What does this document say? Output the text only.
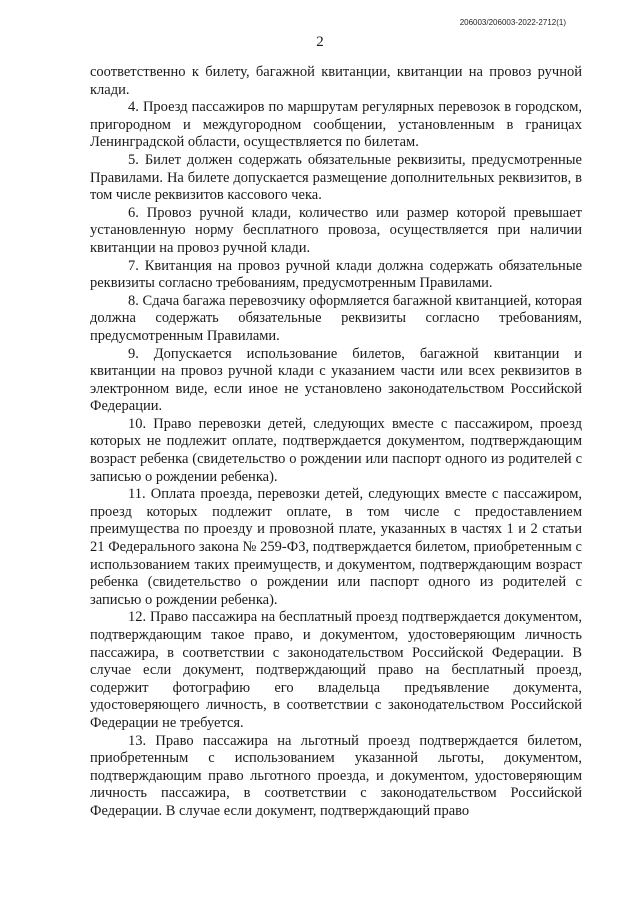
206003/206003-2022-2712(1)
2

соответственно к билету, багажной квитанции, квитанции на провоз ручной клади.

4. Проезд пассажиров по маршрутам регулярных перевозок в городском, пригородном и междугородном сообщении, установленным в границах Ленинградской области, осуществляется по билетам.

5. Билет должен содержать обязательные реквизиты, предусмотренные Правилами. На билете допускается размещение дополнительных реквизитов, в том числе реквизитов кассового чека.

6. Провоз ручной клади, количество или размер которой превышает установленную норму бесплатного провоза, осуществляется при наличии квитанции на провоз ручной клади.

7. Квитанция на провоз ручной клади должна содержать обязательные реквизиты согласно требованиям, предусмотренным Правилами.

8. Сдача багажа перевозчику оформляется багажной квитанцией, которая должна содержать обязательные реквизиты согласно требованиям, предусмотренным Правилами.

9. Допускается использование билетов, багажной квитанции и квитанции на провоз ручной клади с указанием части или всех реквизитов в электронном виде, если иное не установлено законодательством Российской Федерации.

10. Право перевозки детей, следующих вместе с пассажиром, проезд которых не подлежит оплате, подтверждается документом, подтверждающим возраст ребенка (свидетельство о рождении или паспорт одного из родителей с записью о рождении ребенка).

11. Оплата проезда, перевозки детей, следующих вместе с пассажиром, проезд которых подлежит оплате, в том числе с предоставлением преимущества по проезду и провозной плате, указанных в частях 1 и 2 статьи 21 Федерального закона № 259-ФЗ, подтверждается билетом, приобретенным с использованием таких преимуществ, и документом, подтверждающим возраст ребенка (свидетельство о рождении или паспорт одного из родителей с записью о рождении ребенка).

12. Право пассажира на бесплатный проезд подтверждается документом, подтверждающим такое право, и документом, удостоверяющим личность пассажира, в соответствии с законодательством Российской Федерации. В случае если документ, подтверждающий право на бесплатный проезд, содержит фотографию его владельца предъявление документа, удостоверяющего личность, в соответствии с законодательством Российской Федерации не требуется.

13. Право пассажира на льготный проезд подтверждается билетом, приобретенным с использованием указанной льготы, документом, подтверждающим право льготного проезда, и документом, удостоверяющим личность пассажира, в соответствии с законодательством Российской Федерации. В случае если документ, подтверждающий право
